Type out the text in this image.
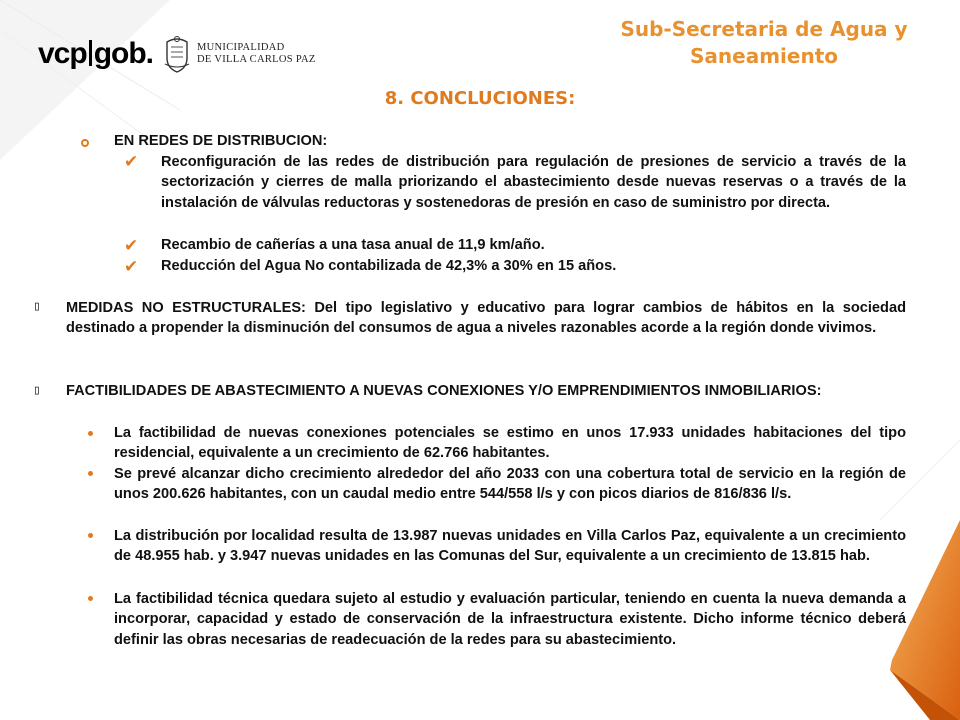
vcp gob.	MUNICIPALIDAD
DE VILLA CARLOS PAZ
Sub-Secretaria de Agua y
Saneamiento
8. CONCLUCIONES:
EN REDES DE DISTRIBUCION:
✔ Reconfiguración de las redes de distribución para regulación de presiones de servicio a través de la sectorización y cierres de malla priorizando el abastecimiento desde nuevas reservas o a través de la instalación de válvulas reductoras y sostenedoras de presión en caso de suministro por directa.
✔ Recambio de cañerías a una tasa anual de 11,9 km/año.
✔ Reducción del Agua No contabilizada de 42,3% a 30% en 15 años.
▯ MEDIDAS NO ESTRUCTURALES: Del tipo legislativo y educativo para lograr cambios de hábitos en la sociedad destinado a propender la disminución del consumos de agua a niveles razonables acorde a la región donde vivimos.
▯ FACTIBILIDADES DE ABASTECIMIENTO A NUEVAS CONEXIONES Y/O EMPRENDIMIENTOS INMOBILIARIOS:
La factibilidad de nuevas conexiones potenciales se estimo en unos 17.933 unidades habitaciones del tipo residencial, equivalente a un crecimiento de 62.766 habitantes.
Se prevé alcanzar dicho crecimiento alrededor del año 2033 con una cobertura total de servicio en la región de unos 200.626 habitantes, con un caudal medio entre 544/558 l/s y con picos diarios de 816/836 l/s.
La distribución por localidad resulta de 13.987 nuevas unidades en Villa Carlos Paz, equivalente a un crecimiento de 48.955 hab. y 3.947 nuevas unidades en las Comunas del Sur, equivalente a un crecimiento de 13.815 hab.
La factibilidad técnica quedara sujeto al estudio y evaluación particular, teniendo en cuenta la nueva demanda a incorporar, capacidad y estado de conservación de la infraestructura existente. Dicho informe técnico deberá definir las obras necesarias de readecuación de la redes para su abastecimiento.
